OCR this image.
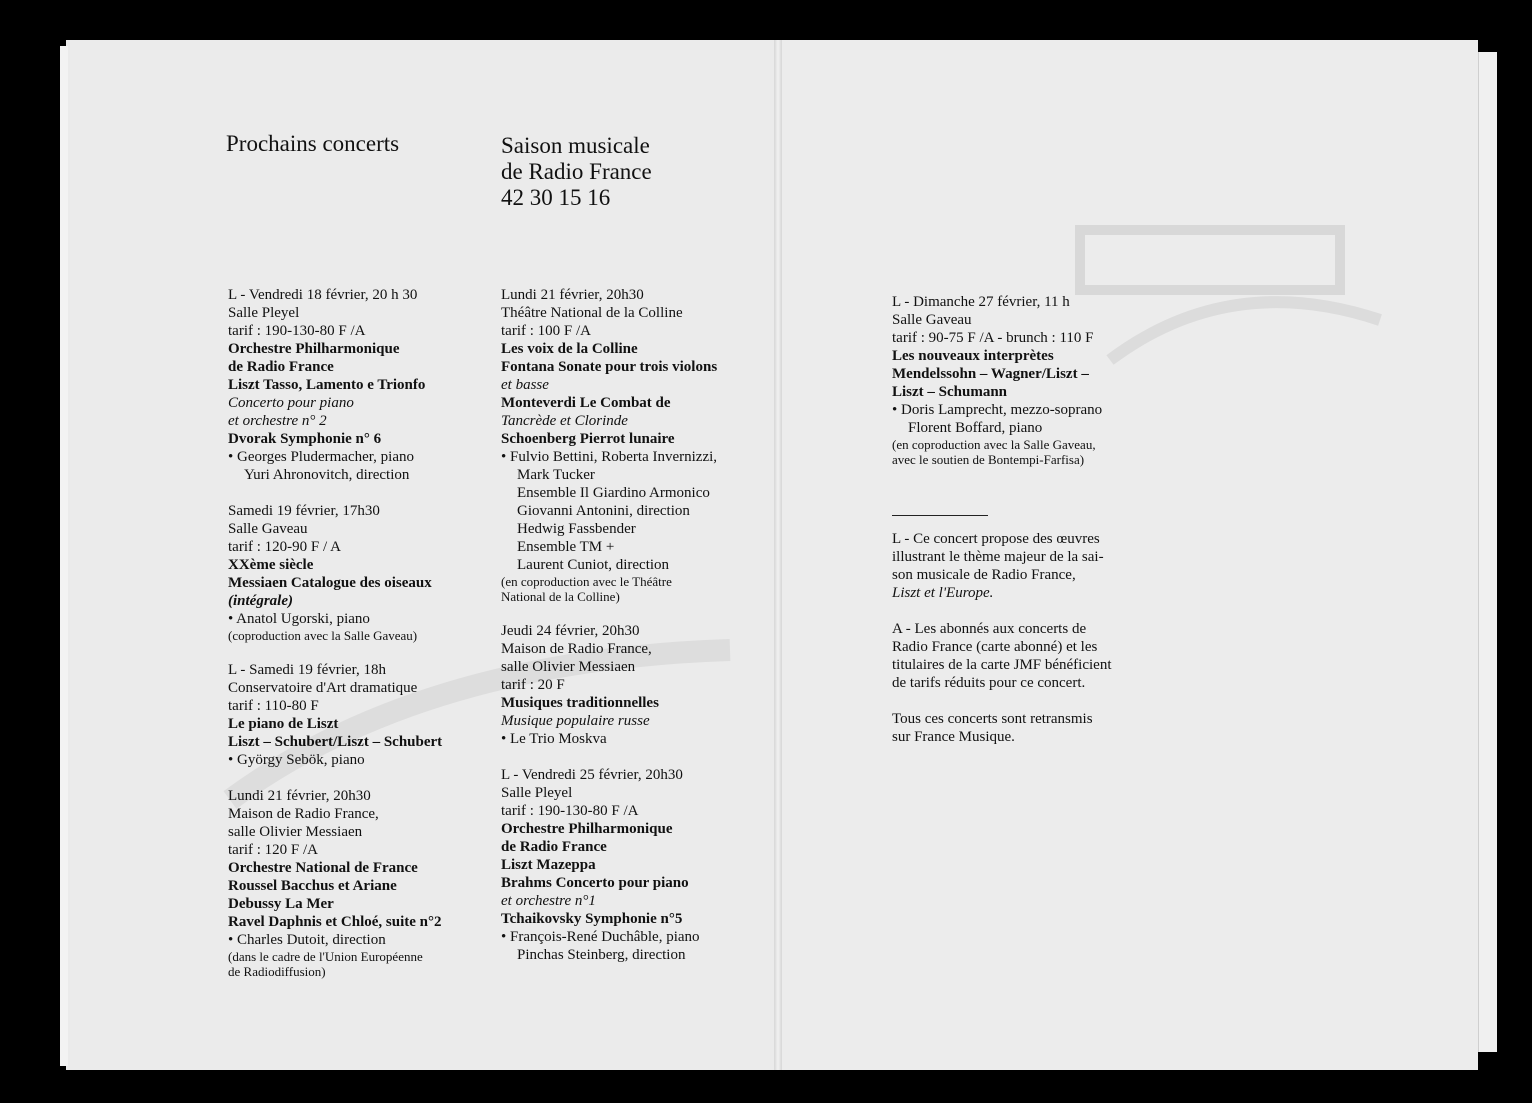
Prochains concerts	Saison musicale
de Radio France
42 30 15 16
L - Vendredi 18 février, 20 h 30
Salle Pleyel
tarif : 190-130-80 F /A
Orchestre Philharmonique
de Radio France
Liszt Tasso, Lamento e Trionfo
Concerto pour piano
et orchestre n° 2
Dvorak Symphonie n° 6
• Georges Pludermacher, piano
Yuri Ahronovitch, direction
Samedi 19 février, 17h30
Salle Gaveau
tarif : 120-90 F / A
XXème siècle
Messiaen Catalogue des oiseaux
(intégrale)
• Anatol Ugorski, piano
(coproduction avec la Salle Gaveau)
L - Samedi 19 février, 18h
Conservatoire d'Art dramatique
tarif : 110-80 F
Le piano de Liszt
Liszt – Schubert/Liszt – Schubert
• György Sebök, piano
Lundi 21 février, 20h30
Maison de Radio France,
salle Olivier Messiaen
tarif : 120 F /A
Orchestre National de France
Roussel Bacchus et Ariane
Debussy La Mer
Ravel Daphnis et Chloé, suite n°2
• Charles Dutoit, direction
(dans le cadre de l'Union Européenne
de Radiodiffusion)
Lundi 21 février, 20h30
Théâtre National de la Colline
tarif : 100 F /A
Les voix de la Colline
Fontana Sonate pour trois violons
et basse
Monteverdi Le Combat de
Tancrède et Clorinde
Schoenberg Pierrot lunaire
• Fulvio Bettini, Roberta Invernizzi,
Mark Tucker
Ensemble Il Giardino Armonico
Giovanni Antonini, direction
Hedwig Fassbender
Ensemble TM +
Laurent Cuniot, direction
(en coproduction avec le Théâtre
National de la Colline)
Jeudi 24 février, 20h30
Maison de Radio France,
salle Olivier Messiaen
tarif : 20 F
Musiques traditionnelles
Musique populaire russe
• Le Trio Moskva
L - Vendredi 25 février, 20h30
Salle Pleyel
tarif : 190-130-80 F /A
Orchestre Philharmonique
de Radio France
Liszt Mazeppa
Brahms Concerto pour piano
et orchestre n°1
Tchaikovsky Symphonie n°5
• François-René Duchâble, piano
Pinchas Steinberg, direction
L - Dimanche 27 février, 11 h
Salle Gaveau
tarif : 90-75 F /A - brunch : 110 F
Les nouveaux interprètes
Mendelssohn – Wagner/Liszt –
Liszt – Schumann
• Doris Lamprecht, mezzo-soprano
Florent Boffard, piano
(en coproduction avec la Salle Gaveau,
avec le soutien de Bontempi-Farfisa)
L - Ce concert propose des œuvres
illustrant le thème majeur de la sai-
son musicale de Radio France,
Liszt et l'Europe.
A - Les abonnés aux concerts de
Radio France (carte abonné) et les
titulaires de la carte JMF bénéficient
de tarifs réduits pour ce concert.
Tous ces concerts sont retransmis
sur France Musique.
